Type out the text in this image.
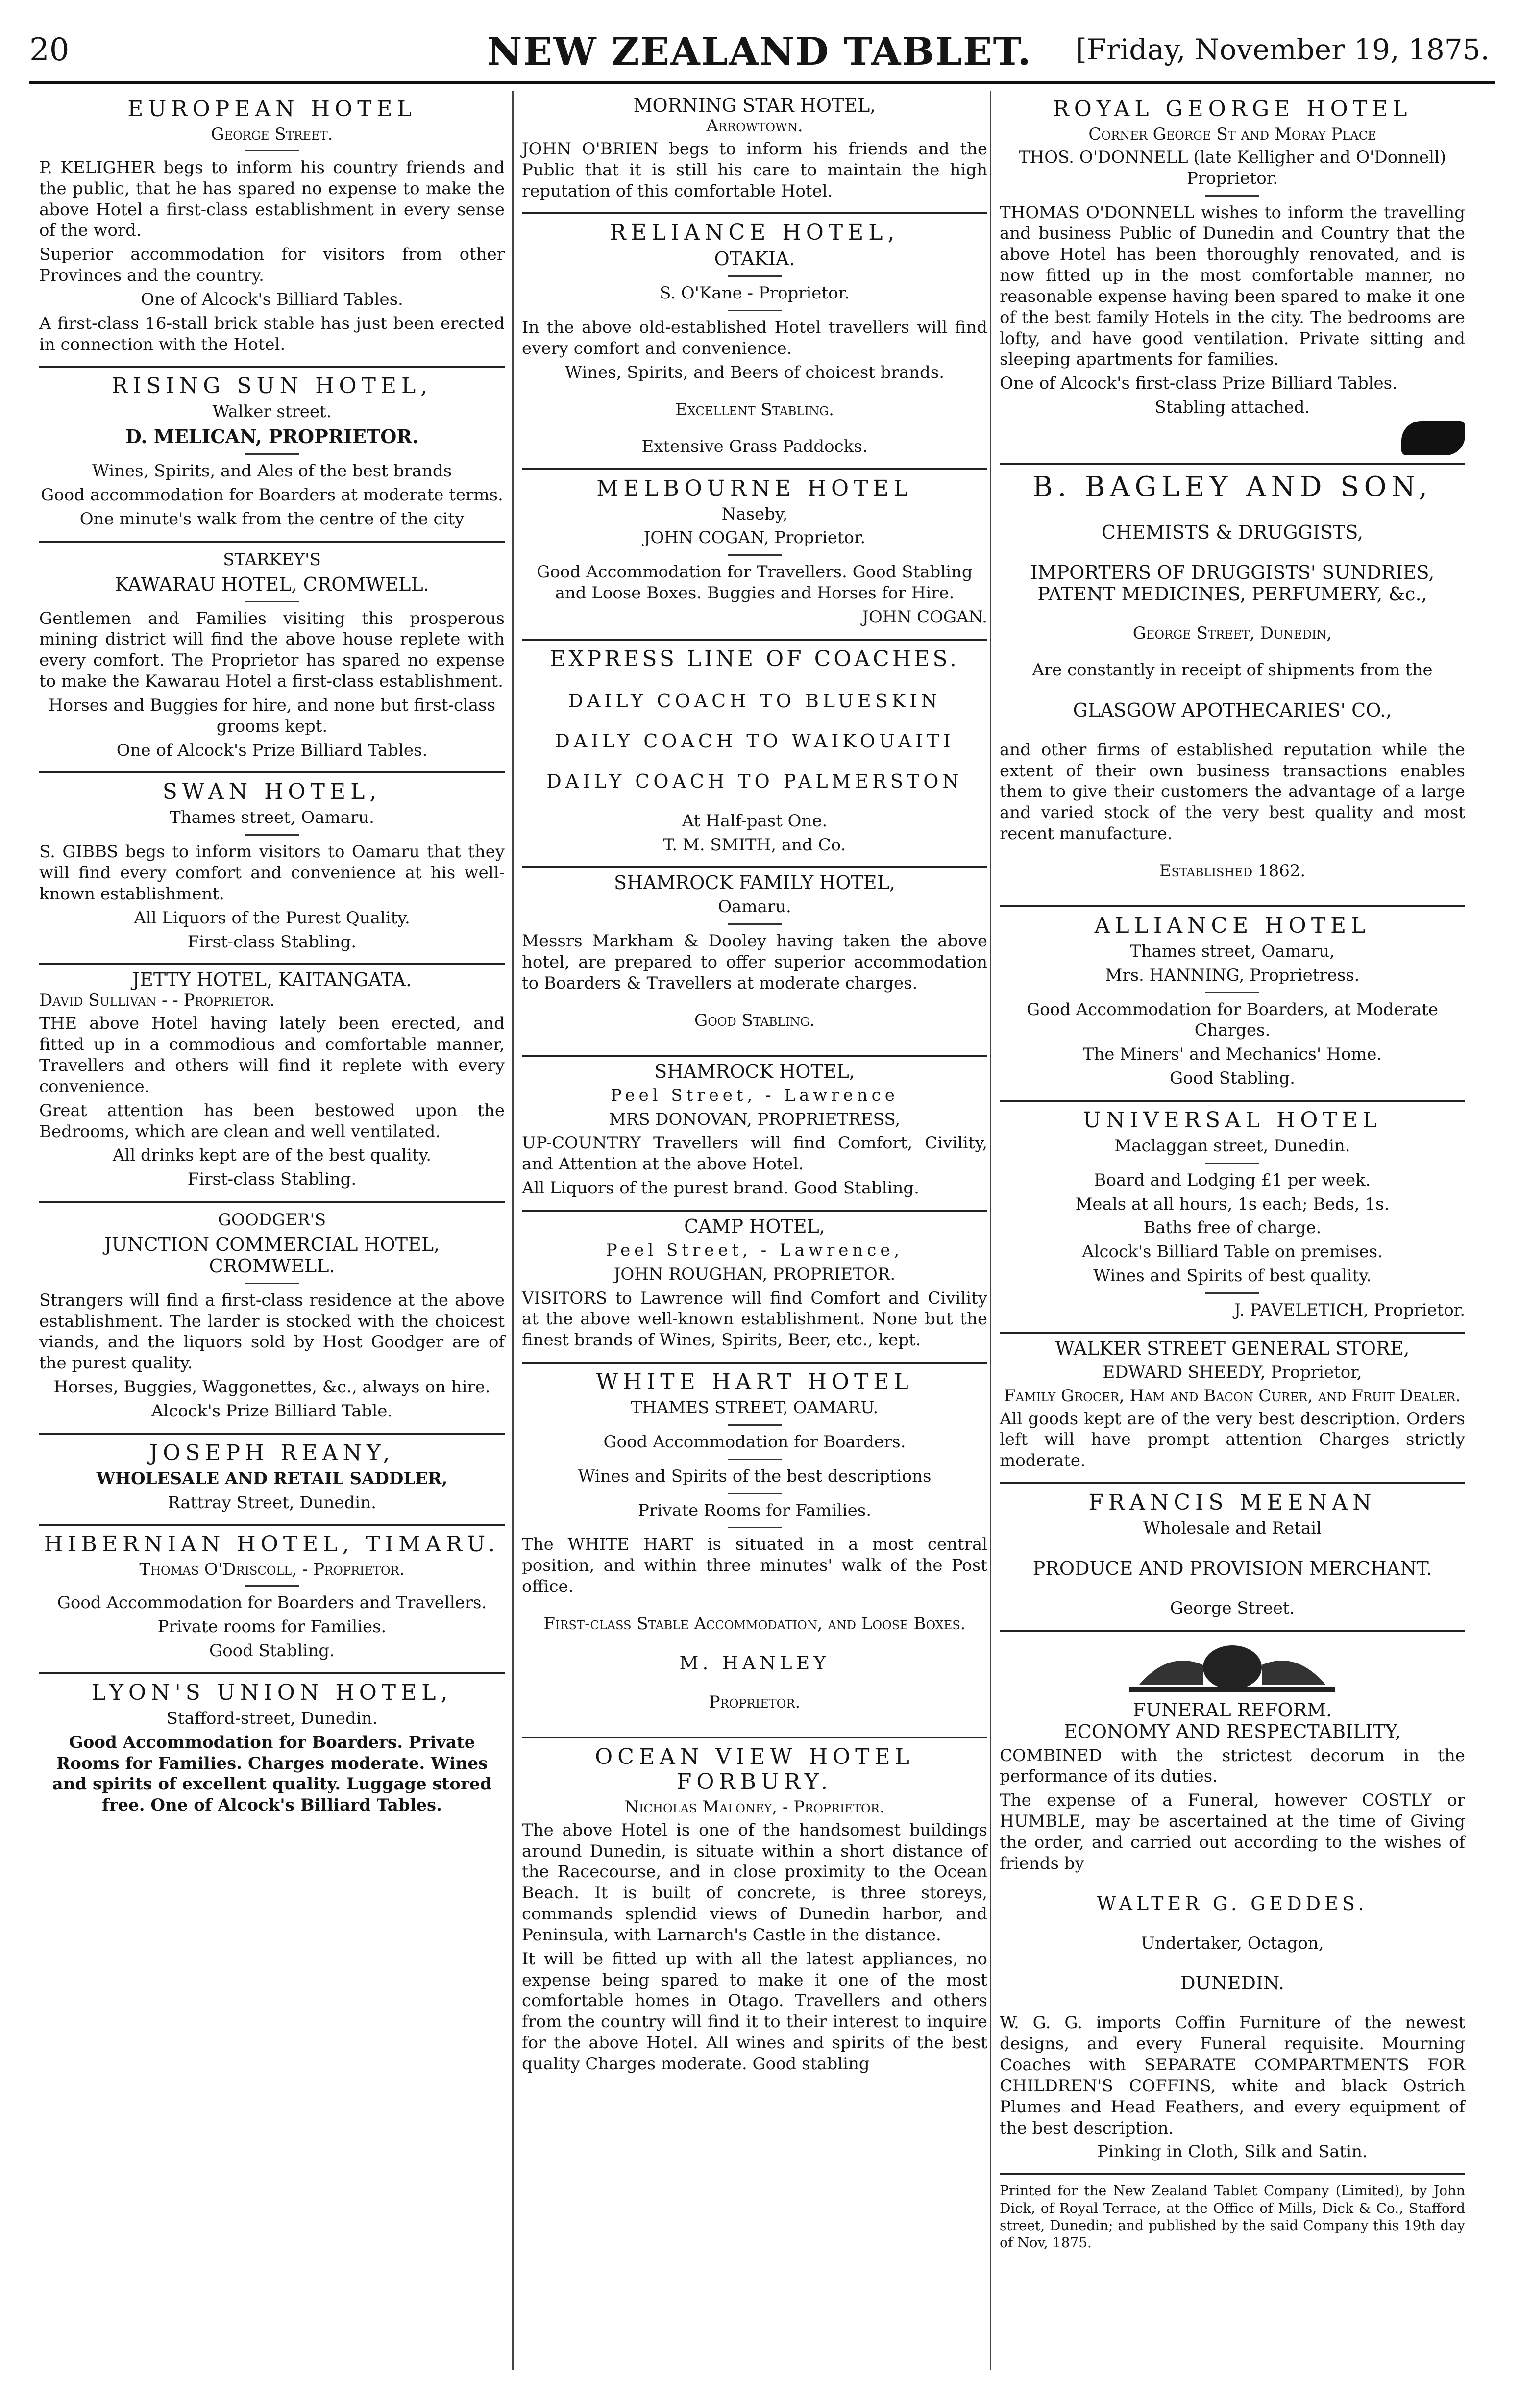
20	NEW ZEALAND TABLET.	[Friday, November 19, 1875.
EUROPEAN HOTEL
George Street.

P. KELIGHER begs to inform his country friends and the public, that he has spared no expense to make the above Hotel a first-class establishment in every sense of the word.

Superior accommodation for visitors from other Provinces and the country.

One of Alcock's Billiard Tables.

A first-class 16-stall brick stable has just been erected in connection with the Hotel.

RISING SUN HOTEL,
Walker street.
D. MELICAN, PROPRIETOR.

Wines, Spirits, and Ales of the best brands

Good accommodation for Boarders at moderate terms.

One minute's walk from the centre of the city

STARKEY'S
KAWARAU HOTEL, CROMWELL.

Gentlemen and Families visiting this prosperous mining district will find the above house replete with every comfort. The Proprietor has spared no expense to make the Kawarau Hotel a first-class establishment.

Horses and Buggies for hire, and none but first-class grooms kept.

One of Alcock's Prize Billiard Tables.

SWAN HOTEL,
Thames street, Oamaru.

S. GIBBS begs to inform visitors to Oamaru that they will find every comfort and convenience at his well-known establishment.

All Liquors of the Purest Quality.

First-class Stabling.

JETTY HOTEL, KAITANGATA.
David Sullivan - - Proprietor.

THE above Hotel having lately been erected, and fitted up in a commodious and comfortable manner, Travellers and others will find it replete with every convenience.

Great attention has been bestowed upon the Bedrooms, which are clean and well ventilated.

All drinks kept are of the best quality.

First-class Stabling.

GOODGER'S
JUNCTION COMMERCIAL HOTEL, CROMWELL.

Strangers will find a first-class residence at the above establishment. The larder is stocked with the choicest viands, and the liquors sold by Host Goodger are of the purest quality.

Horses, Buggies, Waggonettes, &c., always on hire.

Alcock's Prize Billiard Table.

JOSEPH REANY,

WHOLESALE AND RETAIL SADDLER,

Rattray Street, Dunedin.

HIBERNIAN HOTEL, TIMARU.
Thomas O'Driscoll, - Proprietor.

Good Accommodation for Boarders and Travellers.

Private rooms for Families.

Good Stabling.

LYON'S UNION HOTEL,
Stafford-street, Dunedin.

Good Accommodation for Boarders. Private Rooms for Families. Charges moderate. Wines and spirits of excellent quality. Luggage stored free. One of Alcock's Billiard Tables.

MORNING STAR HOTEL,
Arrowtown.

JOHN O'BRIEN begs to inform his friends and the Public that it is still his care to maintain the high reputation of this comfortable Hotel.

RELIANCE HOTEL,
OTAKIA.
S. O'Kane - Proprietor.

In the above old-established Hotel travellers will find every comfort and convenience.

Wines, Spirits, and Beers of choicest brands.

Excellent Stabling.

Extensive Grass Paddocks.

MELBOURNE HOTEL
Naseby,
JOHN COGAN, Proprietor.

Good Accommodation for Travellers. Good Stabling and Loose Boxes. Buggies and Horses for Hire.

JOHN COGAN.

EXPRESS LINE OF COACHES.

DAILY COACH TO BLUESKIN

DAILY COACH TO WAIKOUAITI

DAILY COACH TO PALMERSTON

At Half-past One.

T. M. SMITH, and Co.

SHAMROCK FAMILY HOTEL,
Oamaru.

Messrs Markham & Dooley having taken the above hotel, are prepared to offer superior accommodation to Boarders & Travellers at moderate charges.

Good Stabling.

SHAMROCK HOTEL,
Peel Street, - Lawrence
MRS DONOVAN, PROPRIETRESS,

UP-COUNTRY Travellers will find Comfort, Civility, and Attention at the above Hotel.

All Liquors of the purest brand. Good Stabling.

CAMP HOTEL,
Peel Street, - Lawrence,
JOHN ROUGHAN, PROPRIETOR.

VISITORS to Lawrence will find Comfort and Civility at the above well-known establishment. None but the finest brands of Wines, Spirits, Beer, etc., kept.

WHITE HART HOTEL
THAMES STREET, OAMARU.

Good Accommodation for Boarders.

Wines and Spirits of the best descriptions

Private Rooms for Families.

The WHITE HART is situated in a most central position, and within three minutes' walk of the Post office.

First-class Stable Accommodation, and Loose Boxes.

M. HANLEY

Proprietor.

OCEAN VIEW HOTEL FORBURY.
Nicholas Maloney, - Proprietor.

The above Hotel is one of the handsomest buildings around Dunedin, is situate within a short distance of the Racecourse, and in close proximity to the Ocean Beach. It is built of concrete, is three storeys, commands splendid views of Dunedin harbor, and Peninsula, with Larnarch's Castle in the distance.

It will be fitted up with all the latest appliances, no expense being spared to make it one of the most comfortable homes in Otago. Travellers and others from the country will find it to their interest to inquire for the above Hotel. All wines and spirits of the best quality Charges moderate. Good stabling

ROYAL GEORGE HOTEL
Corner George St and Moray Place
THOS. O'DONNELL (late Kelligher and O'Donnell) Proprietor.

THOMAS O'DONNELL wishes to inform the travelling and business Public of Dunedin and Country that the above Hotel has been thoroughly renovated, and is now fitted up in the most comfortable manner, no reasonable expense having been spared to make it one of the best family Hotels in the city. The bedrooms are lofty, and have good ventilation. Private sitting and sleeping apartments for families.

One of Alcock's first-class Prize Billiard Tables.

Stabling attached.

B. BAGLEY AND SON,

CHEMISTS & DRUGGISTS,

IMPORTERS OF DRUGGISTS' SUNDRIES, PATENT MEDICINES, PERFUMERY, &c.,

George Street, Dunedin,

Are constantly in receipt of shipments from the

GLASGOW APOTHECARIES' CO.,

and other firms of established reputation while the extent of their own business transactions enables them to give their customers the advantage of a large and varied stock of the very best quality and most recent manufacture.

Established 1862.

ALLIANCE HOTEL
Thames street, Oamaru,
Mrs. HANNING, Proprietress.

Good Accommodation for Boarders, at Moderate Charges.

The Miners' and Mechanics' Home.

Good Stabling.

UNIVERSAL HOTEL
Maclaggan street, Dunedin.

Board and Lodging £1 per week.

Meals at all hours, 1s each; Beds, 1s.

Baths free of charge.

Alcock's Billiard Table on premises.

Wines and Spirits of best quality.

J. PAVELETICH, Proprietor.

WALKER STREET GENERAL STORE,
EDWARD SHEEDY, Proprietor,
Family Grocer, Ham and Bacon Curer, and Fruit Dealer.

All goods kept are of the very best description. Orders left will have prompt attention Charges strictly moderate.

FRANCIS MEENAN
Wholesale and Retail

PRODUCE AND PROVISION MERCHANT.

George Street.

FUNERAL REFORM.
ECONOMY AND RESPECTABILITY,

COMBINED with the strictest decorum in the performance of its duties.

The expense of a Funeral, however COSTLY or HUMBLE, may be ascertained at the time of Giving the order, and carried out according to the wishes of friends by

WALTER G. GEDDES.

Undertaker, Octagon,

DUNEDIN.

W. G. G. imports Coffin Furniture of the newest designs, and every Funeral requisite. Mourning Coaches with SEPARATE COMPARTMENTS FOR CHILDREN'S COFFINS, white and black Ostrich Plumes and Head Feathers, and every equipment of the best description.

Pinking in Cloth, Silk and Satin.

Printed for the New Zealand Tablet Company (Limited), by John Dick, of Royal Terrace, at the Office of Mills, Dick & Co., Stafford street, Dunedin; and published by the said Company this 19th day of Nov, 1875.
